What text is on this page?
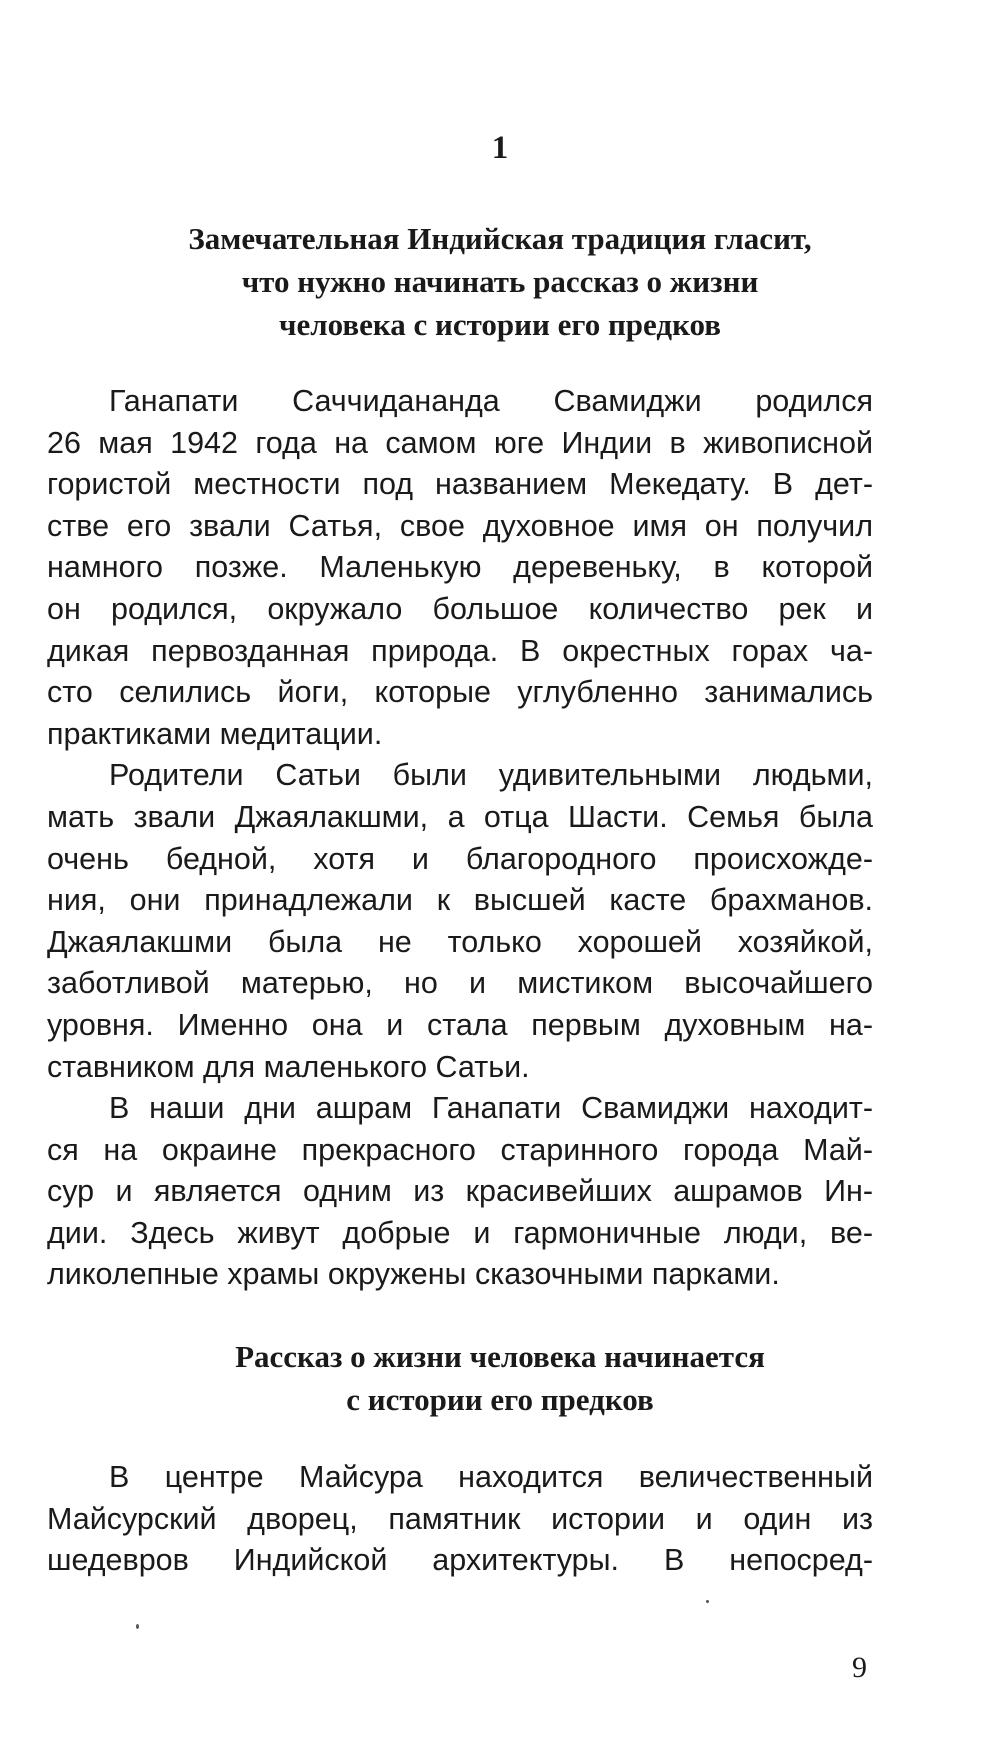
1
Замечательная Индийская традиция гласит,
что нужно начинать рассказ о жизни
человека с истории его предков
Ганапати Саччидананда Свамиджи родился
26 мая 1942 года на самом юге Индии в живописной
гористой местности под названием Мекедату. В дет-
стве его звали Сатья, свое духовное имя он получил
намного позже. Маленькую деревеньку, в которой
он родился, окружало большое количество рек и
дикая первозданная природа. В окрестных горах ча-
сто селились йоги, которые углубленно занимались
практиками медитации.
Родители Сатьи были удивительными людьми,
мать звали Джаялакшми, а отца Шасти. Семья была
очень бедной, хотя и благородного происхожде-
ния, они принадлежали к высшей касте брахманов.
Джаялакшми была не только хорошей хозяйкой,
заботливой матерью, но и мистиком высочайшего
уровня. Именно она и стала первым духовным на-
ставником для маленького Сатьи.
В наши дни ашрам Ганапати Свамиджи находит-
ся на окраине прекрасного старинного города Май-
сур и является одним из красивейших ашрамов Ин-
дии. Здесь живут добрые и гармоничные люди, ве-
ликолепные храмы окружены сказочными парками.
Рассказ о жизни человека начинается
с истории его предков
В центре Майсура находится величественный
Майсурский дворец, памятник истории и один из
шедевров Индийской архитектуры. В непосред-
9
